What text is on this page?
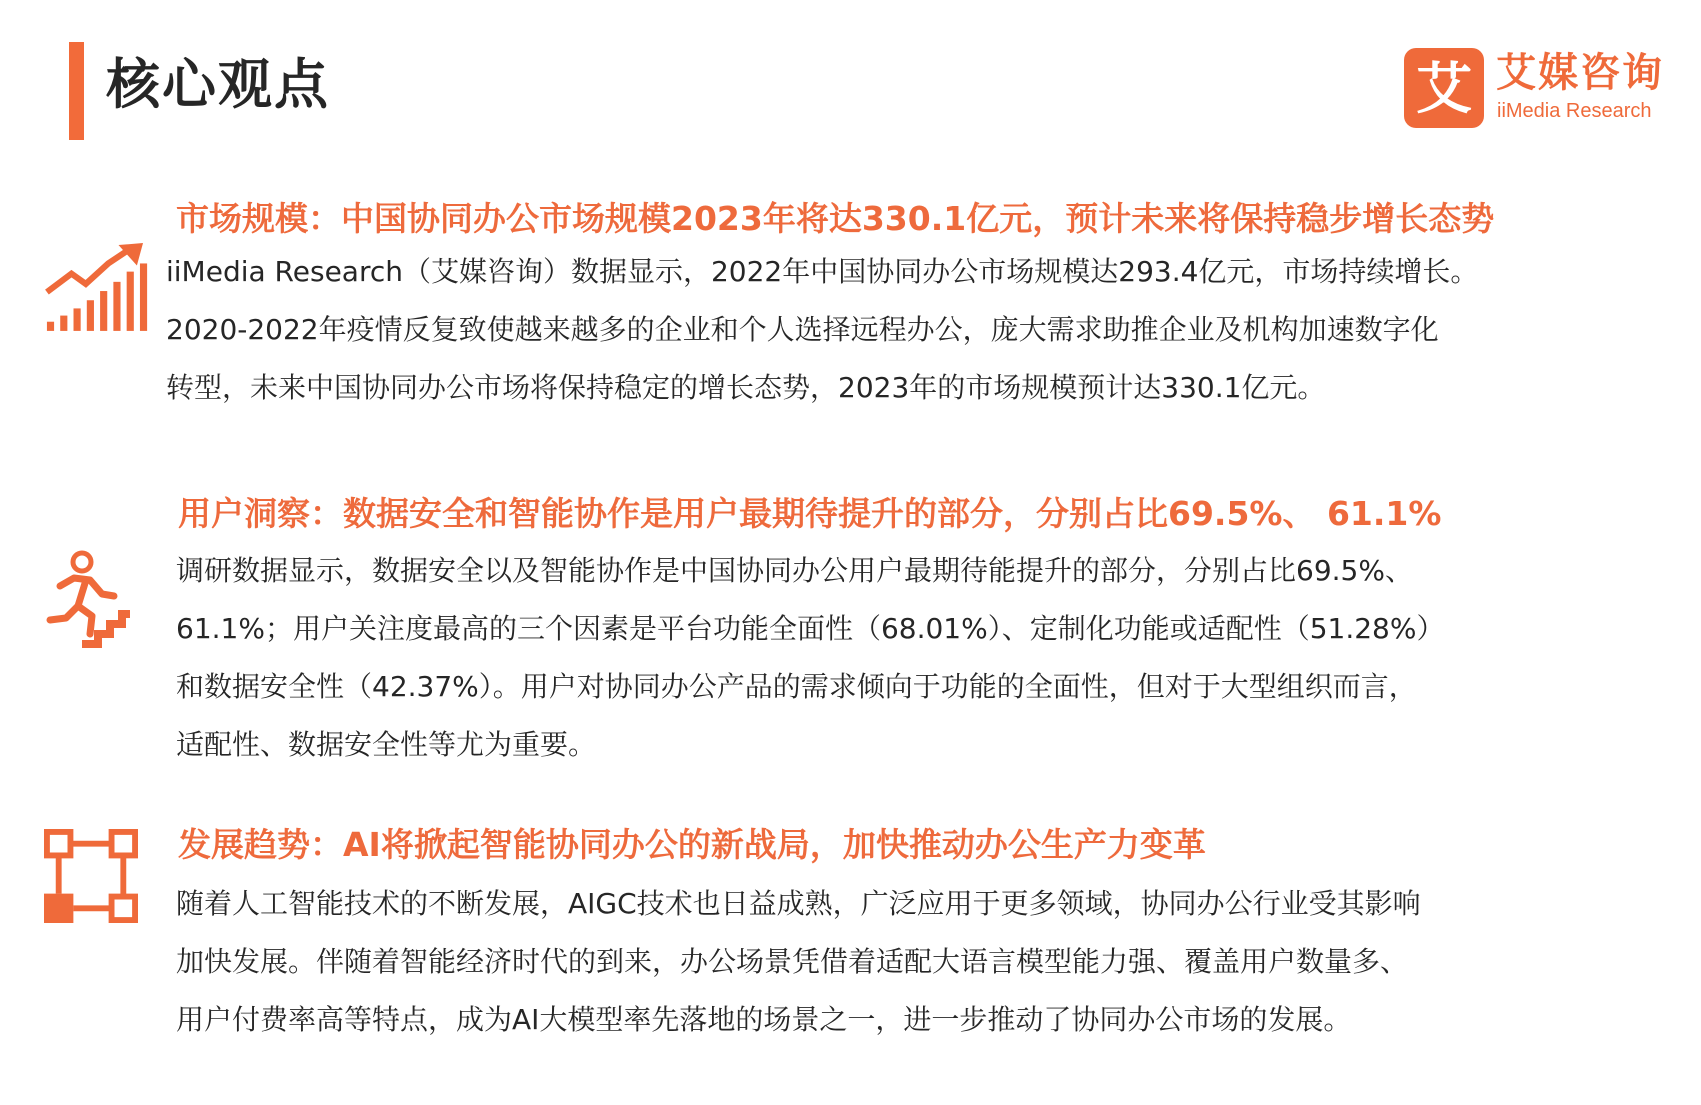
核心观点	艾 艾媒咨询
iiMedia Research
市场规模：中国协同办公市场规模2023年将达330.1亿元，预计未来将保持稳步增长态势

iiMedia Research（艾媒咨询）数据显示，2022年中国协同办公市场规模达293.4亿元，市场持续增长。
2020-2022年疫情反复致使越来越多的企业和个人选择远程办公，庞大需求助推企业及机构加速数字化
转型，未来中国协同办公市场将保持稳定的增长态势，2023年的市场规模预计达330.1亿元。

用户洞察：数据安全和智能协作是用户最期待提升的部分，分别占比69.5%、 61.1%

调研数据显示，数据安全以及智能协作是中国协同办公用户最期待能提升的部分，分别占比69.5%、
61.1%；用户关注度最高的三个因素是平台功能全面性（68.01%）、定制化功能或适配性（51.28%）
和数据安全性（42.37%）。用户对协同办公产品的需求倾向于功能的全面性，但对于大型组织而言，
适配性、数据安全性等尤为重要。

发展趋势：AI将掀起智能协同办公的新战局，加快推动办公生产力变革

随着人工智能技术的不断发展，AIGC技术也日益成熟，广泛应用于更多领域，协同办公行业受其影响
加快发展。伴随着智能经济时代的到来，办公场景凭借着适配大语言模型能力强、覆盖用户数量多、
用户付费率高等特点，成为AI大模型率先落地的场景之一，进一步推动了协同办公市场的发展。
